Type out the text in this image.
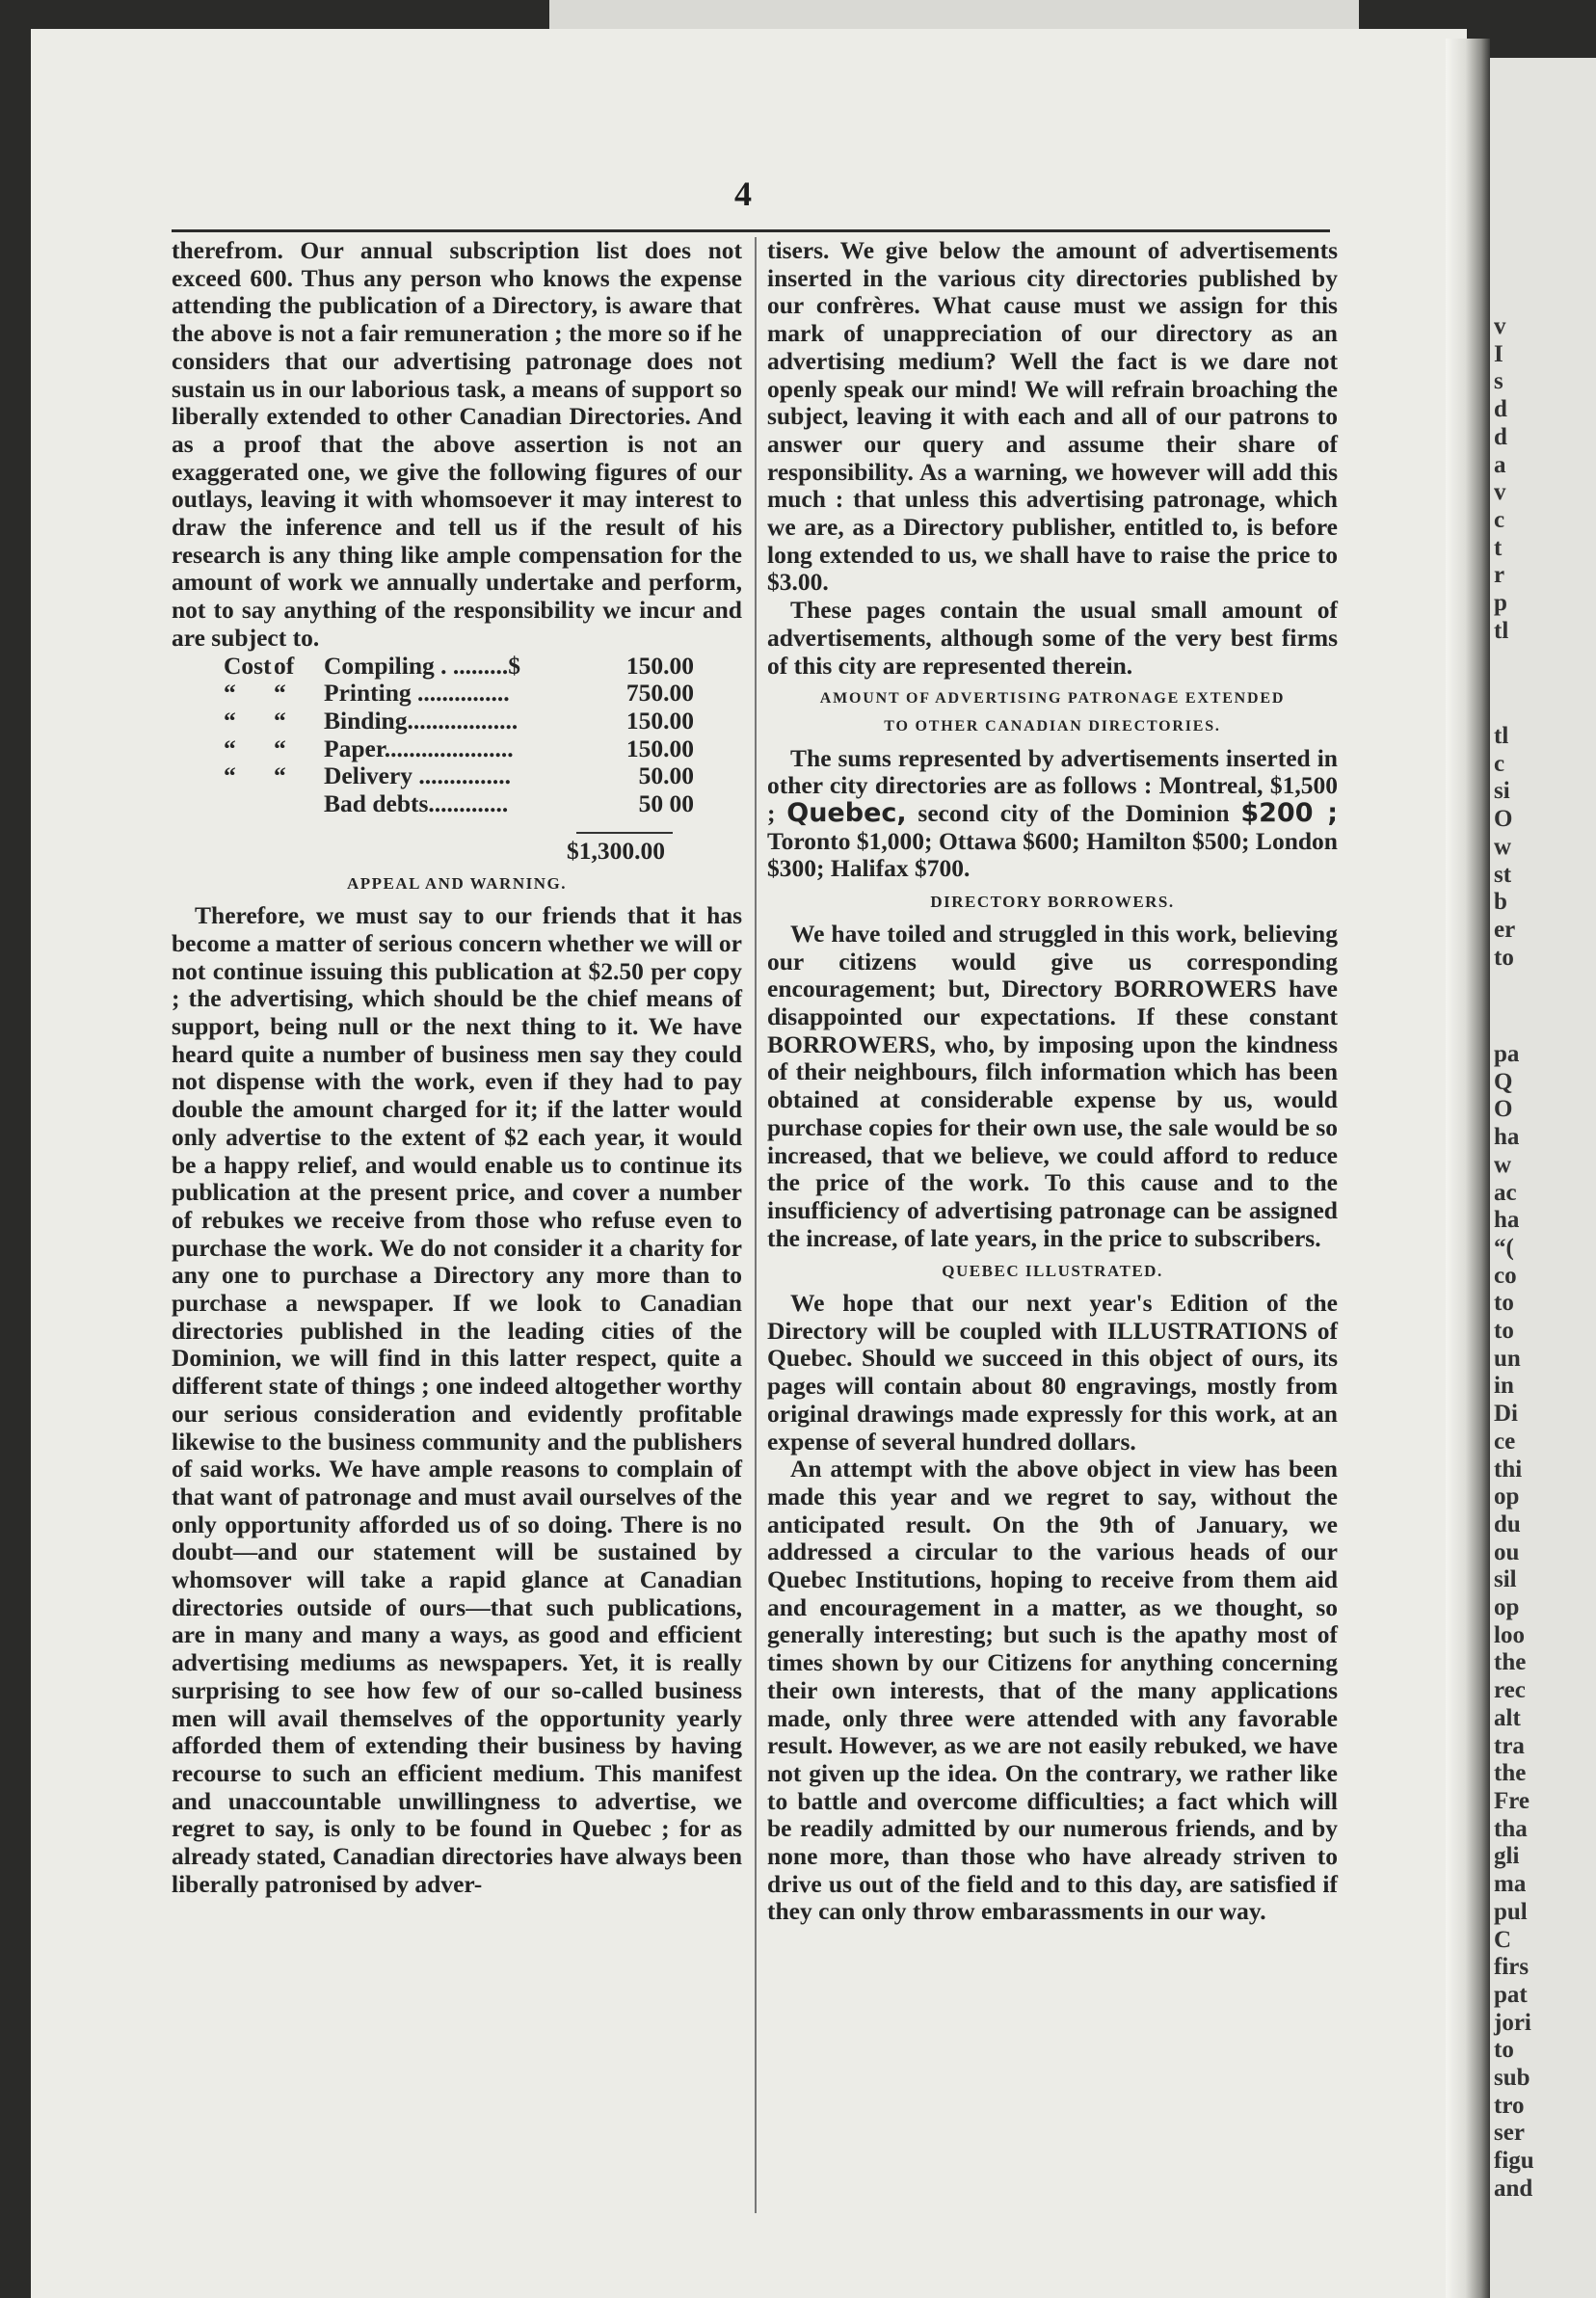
v
I
s
d
d
a
v
c
t
r
p
tl
tl
c
si
O
w
st
b
er
to
pa
Q
O
ha
w
ac
ha
“(
co
to
to
un
in
Di
ce
thi
op
du
ou
sil
op
loo
the
rec
alt
tra
the
Fre
tha
gli
ma
pul
C
firs
pat
jori
to
sub
tro
ser
figu
and
4

therefrom. Our annual subscription list does not exceed 600. Thus any person who knows the expense attending the publication of a Directory, is aware that the above is not a fair remuneration ; the more so if he considers that our advertising patronage does not sustain us in our laborious task, a means of support so liberally extended to other Canadian Directories. And as a proof that the above assertion is not an exaggerated one, we give the following figures of our outlays, leaving it with whomsoever it may interest to draw the inference and tell us if the result of his research is any thing like ample compensation for the amount of work we annually undertake and perform, not to say anything of the responsibility we incur and are subject to.

Cost	of	Compiling . .........$	150.00
“	“	Printing ...............	750.00
“	“	Binding..................	150.00
“	“	Paper.....................	150.00
“	“	Delivery ...............	50.00
		Bad debts.............	50 00
$1,300.00
APPEAL AND WARNING.

Therefore, we must say to our friends that it has become a matter of serious concern whether we will or not continue issuing this publication at $2.50 per copy ; the advertising, which should be the chief means of support, being null or the next thing to it. We have heard quite a number of business men say they could not dispense with the work, even if they had to pay double the amount charged for it; if the latter would only advertise to the extent of $2 each year, it would be a happy relief, and would enable us to continue its publication at the present price, and cover a number of rebukes we receive from those who refuse even to purchase the work. We do not consider it a charity for any one to purchase a Directory any more than to purchase a newspaper. If we look to Canadian directories published in the leading cities of the Dominion, we will find in this latter respect, quite a different state of things ; one indeed altogether worthy our serious consideration and evidently profitable likewise to the business community and the publishers of said works. We have ample reasons to complain of that want of patronage and must avail ourselves of the only opportunity afforded us of so doing. There is no doubt—and our statement will be sustained by whomsover will take a rapid glance at Canadian directories outside of ours—that such publications, are in many and many a ways, as good and efficient advertising mediums as newspapers. Yet, it is really surprising to see how few of our so-called business men will avail themselves of the opportunity yearly afforded them of extending their business by having recourse to such an efficient medium. This manifest and unaccountable unwillingness to advertise, we regret to say, is only to be found in Quebec ; for as already stated, Canadian directories have always been liberally patronised by adver-

tisers. We give below the amount of advertisements inserted in the various city directories published by our confrères. What cause must we assign for this mark of unappreciation of our directory as an advertising medium? Well the fact is we dare not openly speak our mind! We will refrain broaching the subject, leaving it with each and all of our patrons to answer our query and assume their share of responsibility. As a warning, we however will add this much : that unless this advertising patronage, which we are, as a Directory publisher, entitled to, is before long extended to us, we shall have to raise the price to $3.00.

These pages contain the usual small amount of advertisements, although some of the very best firms of this city are represented therein.

AMOUNT OF ADVERTISING PATRONAGE EXTENDED
TO OTHER CANADIAN DIRECTORIES.

The sums represented by advertisements inserted in other city directories are as follows : Montreal, $1,500 ; Quebec, second city of the Dominion $200 ; Toronto $1,000; Ottawa $600; Hamilton $500; London $300; Halifax $700.

DIRECTORY BORROWERS.

We have toiled and struggled in this work, believing our citizens would give us corresponding encouragement; but, Directory BORROWERS have disappointed our expectations. If these constant BORROWERS, who, by imposing upon the kindness of their neighbours, filch information which has been obtained at considerable expense by us, would purchase copies for their own use, the sale would be so increased, that we believe, we could afford to reduce the price of the work. To this cause and to the insufficiency of advertising patronage can be assigned the increase, of late years, in the price to subscribers.

QUEBEC ILLUSTRATED.

We hope that our next year's Edition of the Directory will be coupled with ILLUSTRATIONS of Quebec. Should we succeed in this object of ours, its pages will contain about 80 engravings, mostly from original drawings made expressly for this work, at an expense of several hundred dollars.

An attempt with the above object in view has been made this year and we regret to say, without the anticipated result. On the 9th of January, we addressed a circular to the various heads of our Quebec Institutions, hoping to receive from them aid and encouragement in a matter, as we thought, so generally interesting; but such is the apathy most of times shown by our Citizens for anything concerning their own interests, that of the many applications made, only three were attended with any favorable result. However, as we are not easily rebuked, we have not given up the idea. On the contrary, we rather like to battle and overcome difficulties; a fact which will be readily admitted by our numerous friends, and by none more, than those who have already striven to drive us out of the field and to this day, are satisfied if they can only throw embarassments in our way.
